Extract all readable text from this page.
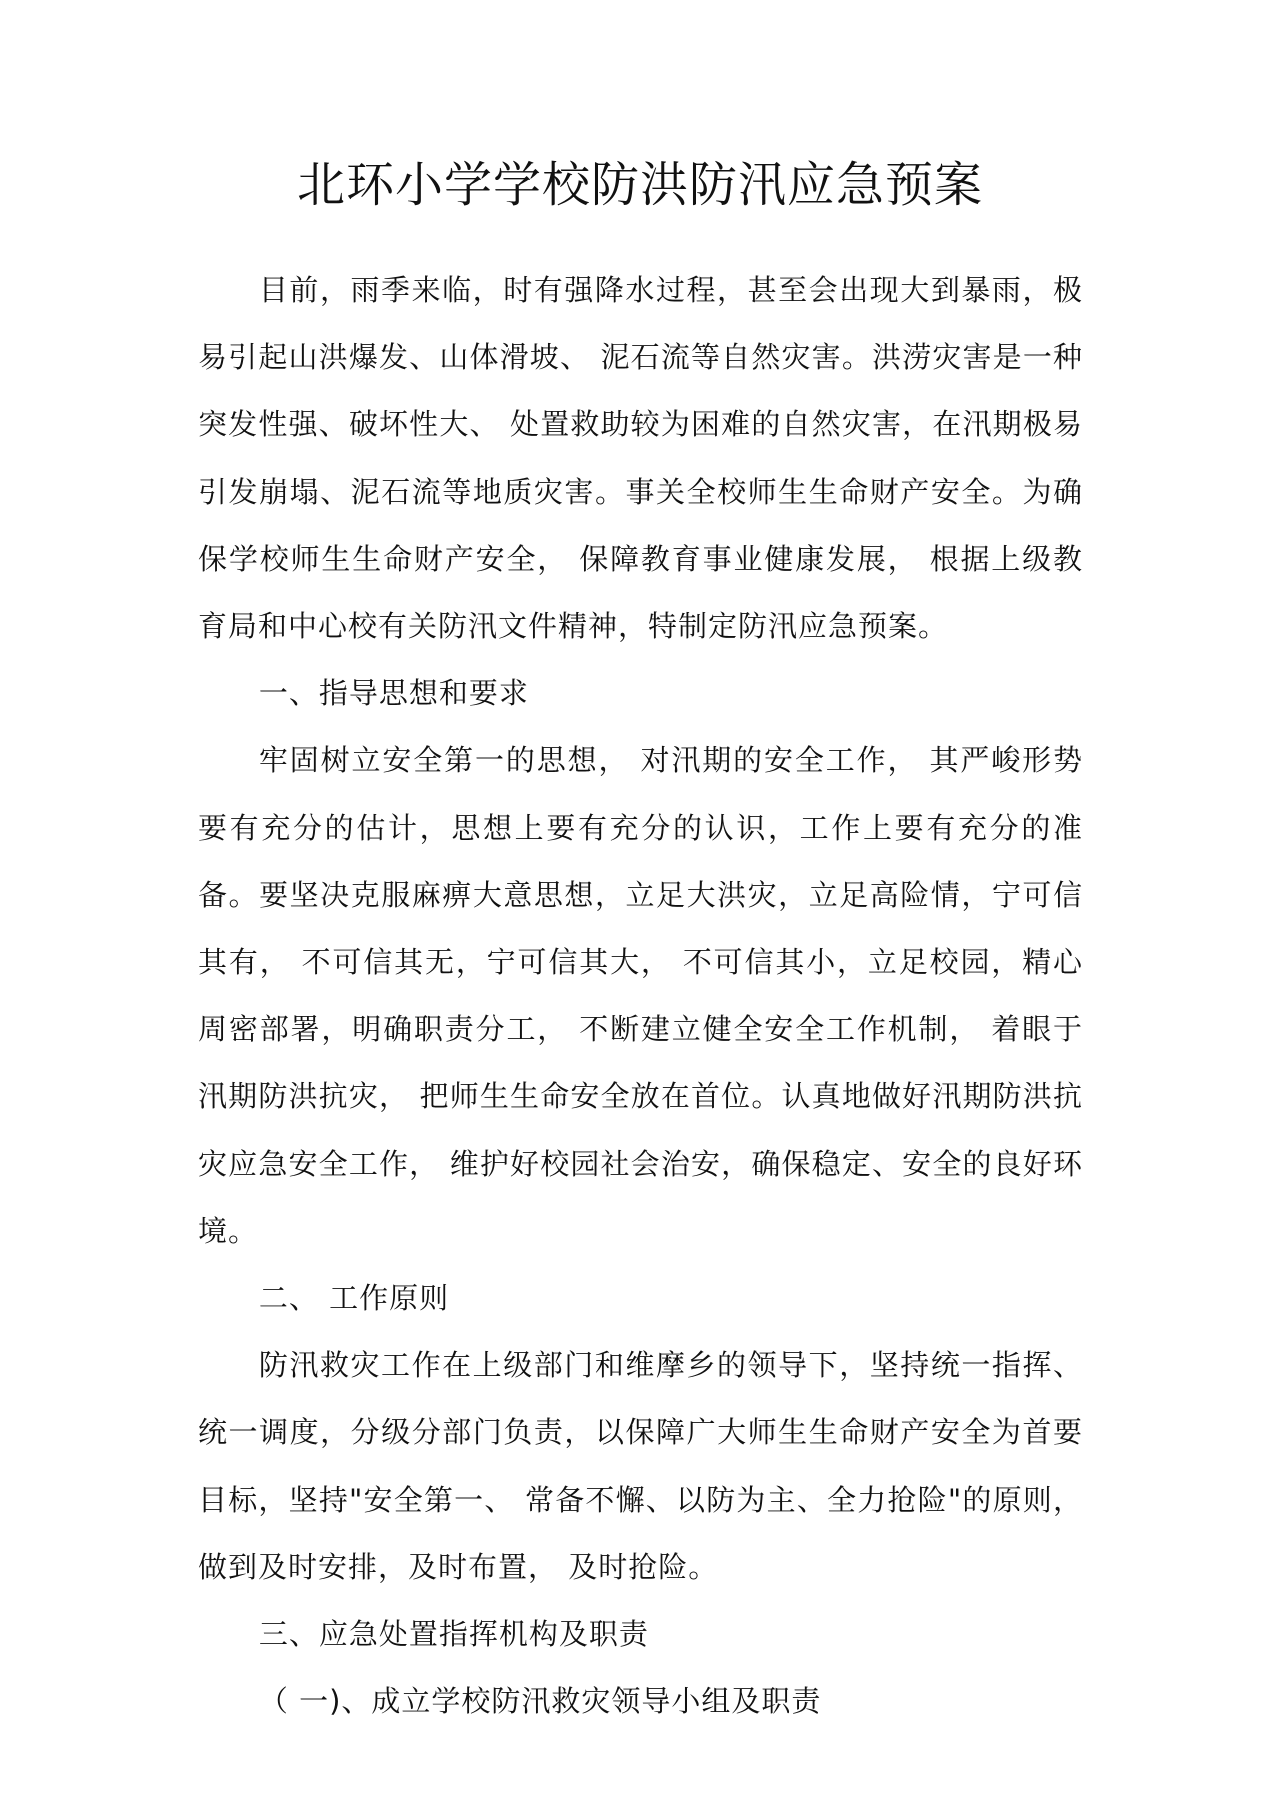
北环小学学校防洪防汛应急预案

目前，雨季来临，时有强降水过程，甚至会出现大到暴雨，极易引起山洪爆发、山体滑坡、 泥石流等自然灾害。洪涝灾害是一种突发性强、破坏性大、 处置救助较为困难的自然灾害，在汛期极易引发崩塌、泥石流等地质灾害。事关全校师生生命财产安全。为确保学校师生生命财产安全， 保障教育事业健康发展， 根据上级教育局和中心校有关防汛文件精神，特制定防汛应急预案。

一、指导思想和要求

牢固树立安全第一的思想， 对汛期的安全工作， 其严峻形势要有充分的估计，思想上要有充分的认识，工作上要有充分的准备。要坚决克服麻痹大意思想，立足大洪灾，立足高险情，宁可信其有， 不可信其无，宁可信其大， 不可信其小，立足校园，精心周密部署，明确职责分工， 不断建立健全安全工作机制， 着眼于汛期防洪抗灾， 把师生生命安全放在首位。认真地做好汛期防洪抗灾应急安全工作， 维护好校园社会治安，确保稳定、安全的良好环境。

二、 工作原则

防汛救灾工作在上级部门和维摩乡的领导下，坚持统一指挥、统一调度，分级分部门负责，以保障广大师生生命财产安全为首要目标，坚持"安全第一、 常备不懈、以防为主、全力抢险"的原则，做到及时安排，及时布置， 及时抢险。

三、应急处置指挥机构及职责

（ 一)、成立学校防汛救灾领导小组及职责
